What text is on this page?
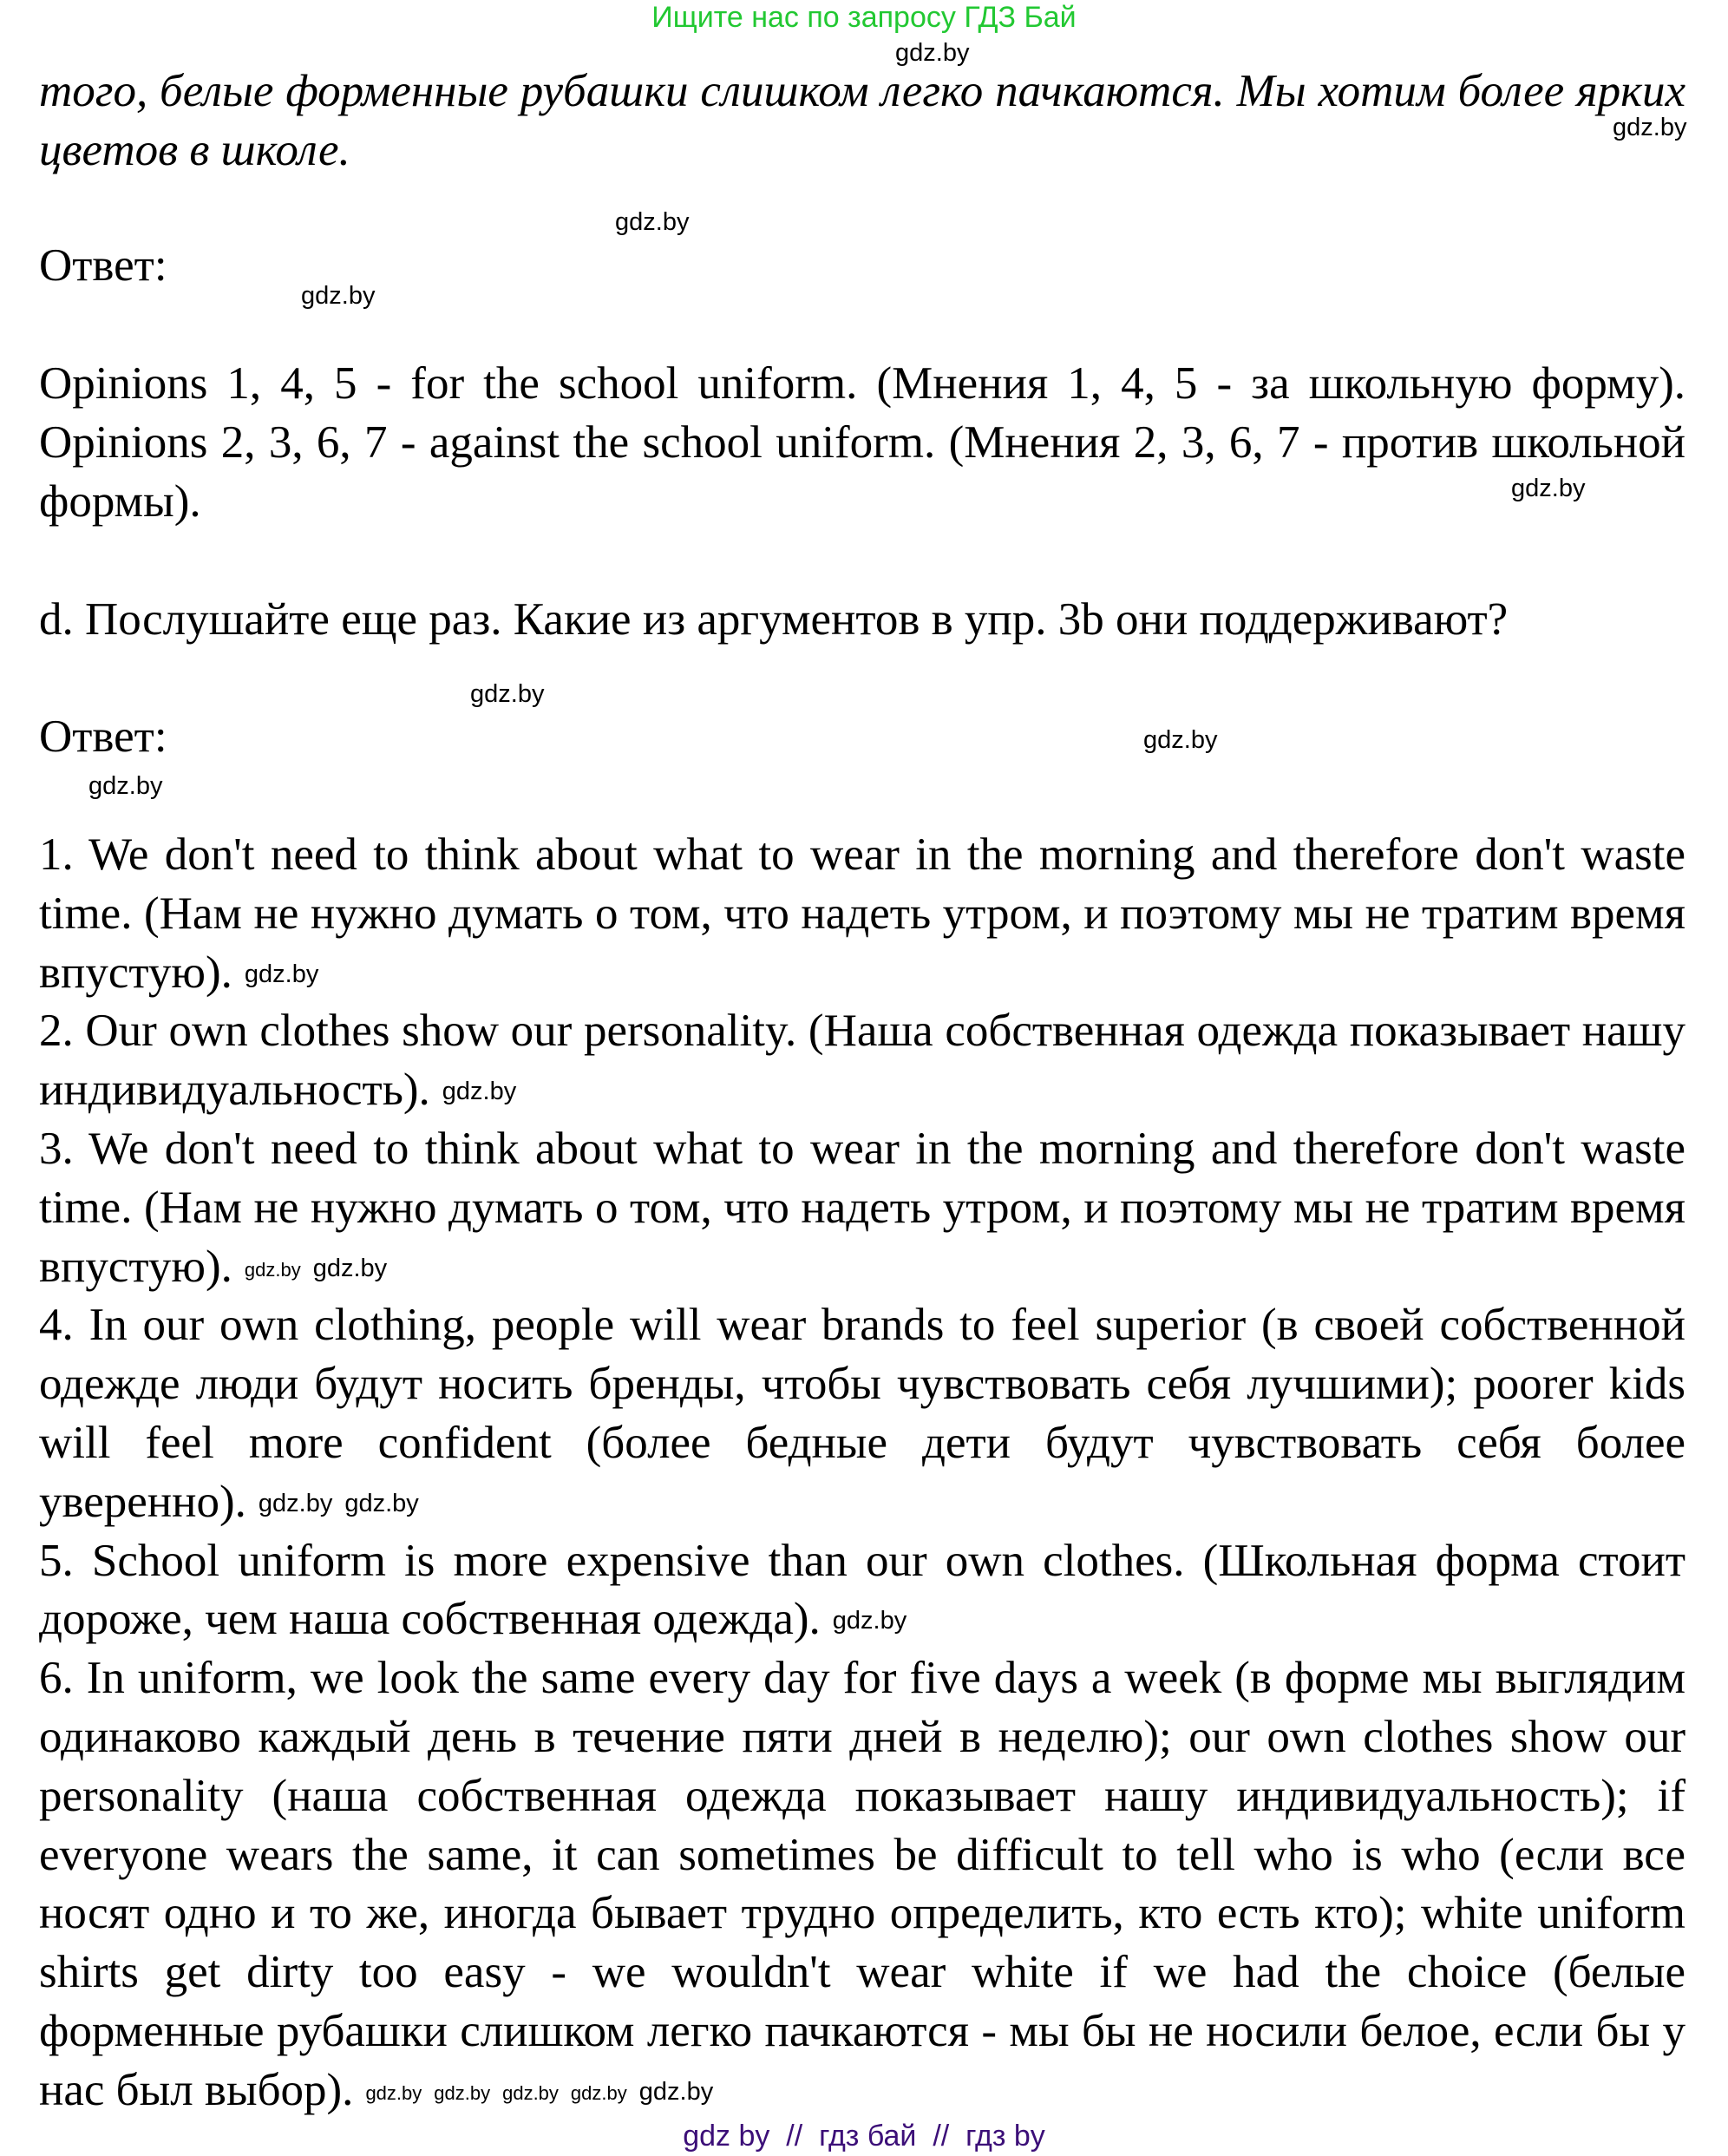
Ищите нас по запросу ГДЗ Бай

того, белые форменные рубашки слишком легко пачкаются. Мы хотим более ярких цветов в школе.

Ответ:

Opinions 1, 4, 5 - for the school uniform. (Мнения 1, 4, 5 - за школьную форму). Opinions 2, 3, 6, 7 - against the school uniform. (Мнения 2, 3, 6, 7 - против школьной формы).

d. Послушайте еще раз. Какие из аргументов в упр. 3b они поддерживают?
Ответ:

1. We don't need to think about what to wear in the morning and therefore don't waste time. (Нам не нужно думать о том, что надеть утром, и поэтому мы не тратим время впустую). gdz.by

2. Our own clothes show our personality. (Наша собственная одежда показывает нашу индивидуальность). gdz.by

3. We don't need to think about what to wear in the morning and therefore don't waste time. (Нам не нужно думать о том, что надеть утром, и поэтому мы не тратим время впустую). gdz.by gdz.by

4. In our own clothing, people will wear brands to feel superior (в своей собственной одежде люди будут носить бренды, чтобы чувствовать себя лучшими); poorer kids will feel more confident (более бедные дети будут чувствовать себя более уверенно). gdz.by gdz.by

5. School uniform is more expensive than our own clothes. (Школьная форма стоит дороже, чем наша собственная одежда). gdz.by

6. In uniform, we look the same every day for five days a week (в форме мы выглядим одинаково каждый день в течение пяти дней в неделю); our own clothes show our personality (наша собственная одежда показывает нашу индивидуальность); if everyone wears the same, it can sometimes be difficult to tell who is who (если все носят одно и то же, иногда бывает трудно определить, кто есть кто); white uniform shirts get dirty too easy - we wouldn't wear white if we had the choice (белые форменные рубашки слишком легко пачкаются - мы бы не носили белое, если бы у нас был выбор). gdz.by gdz.by gdz.by gdz.by gdz.by

gdz.by
gdz.by
gdz.by
gdz.by
gdz.by
gdz.by
gdz.by
gdz.by
gdz by  //  гдз бай  //  гдз by
